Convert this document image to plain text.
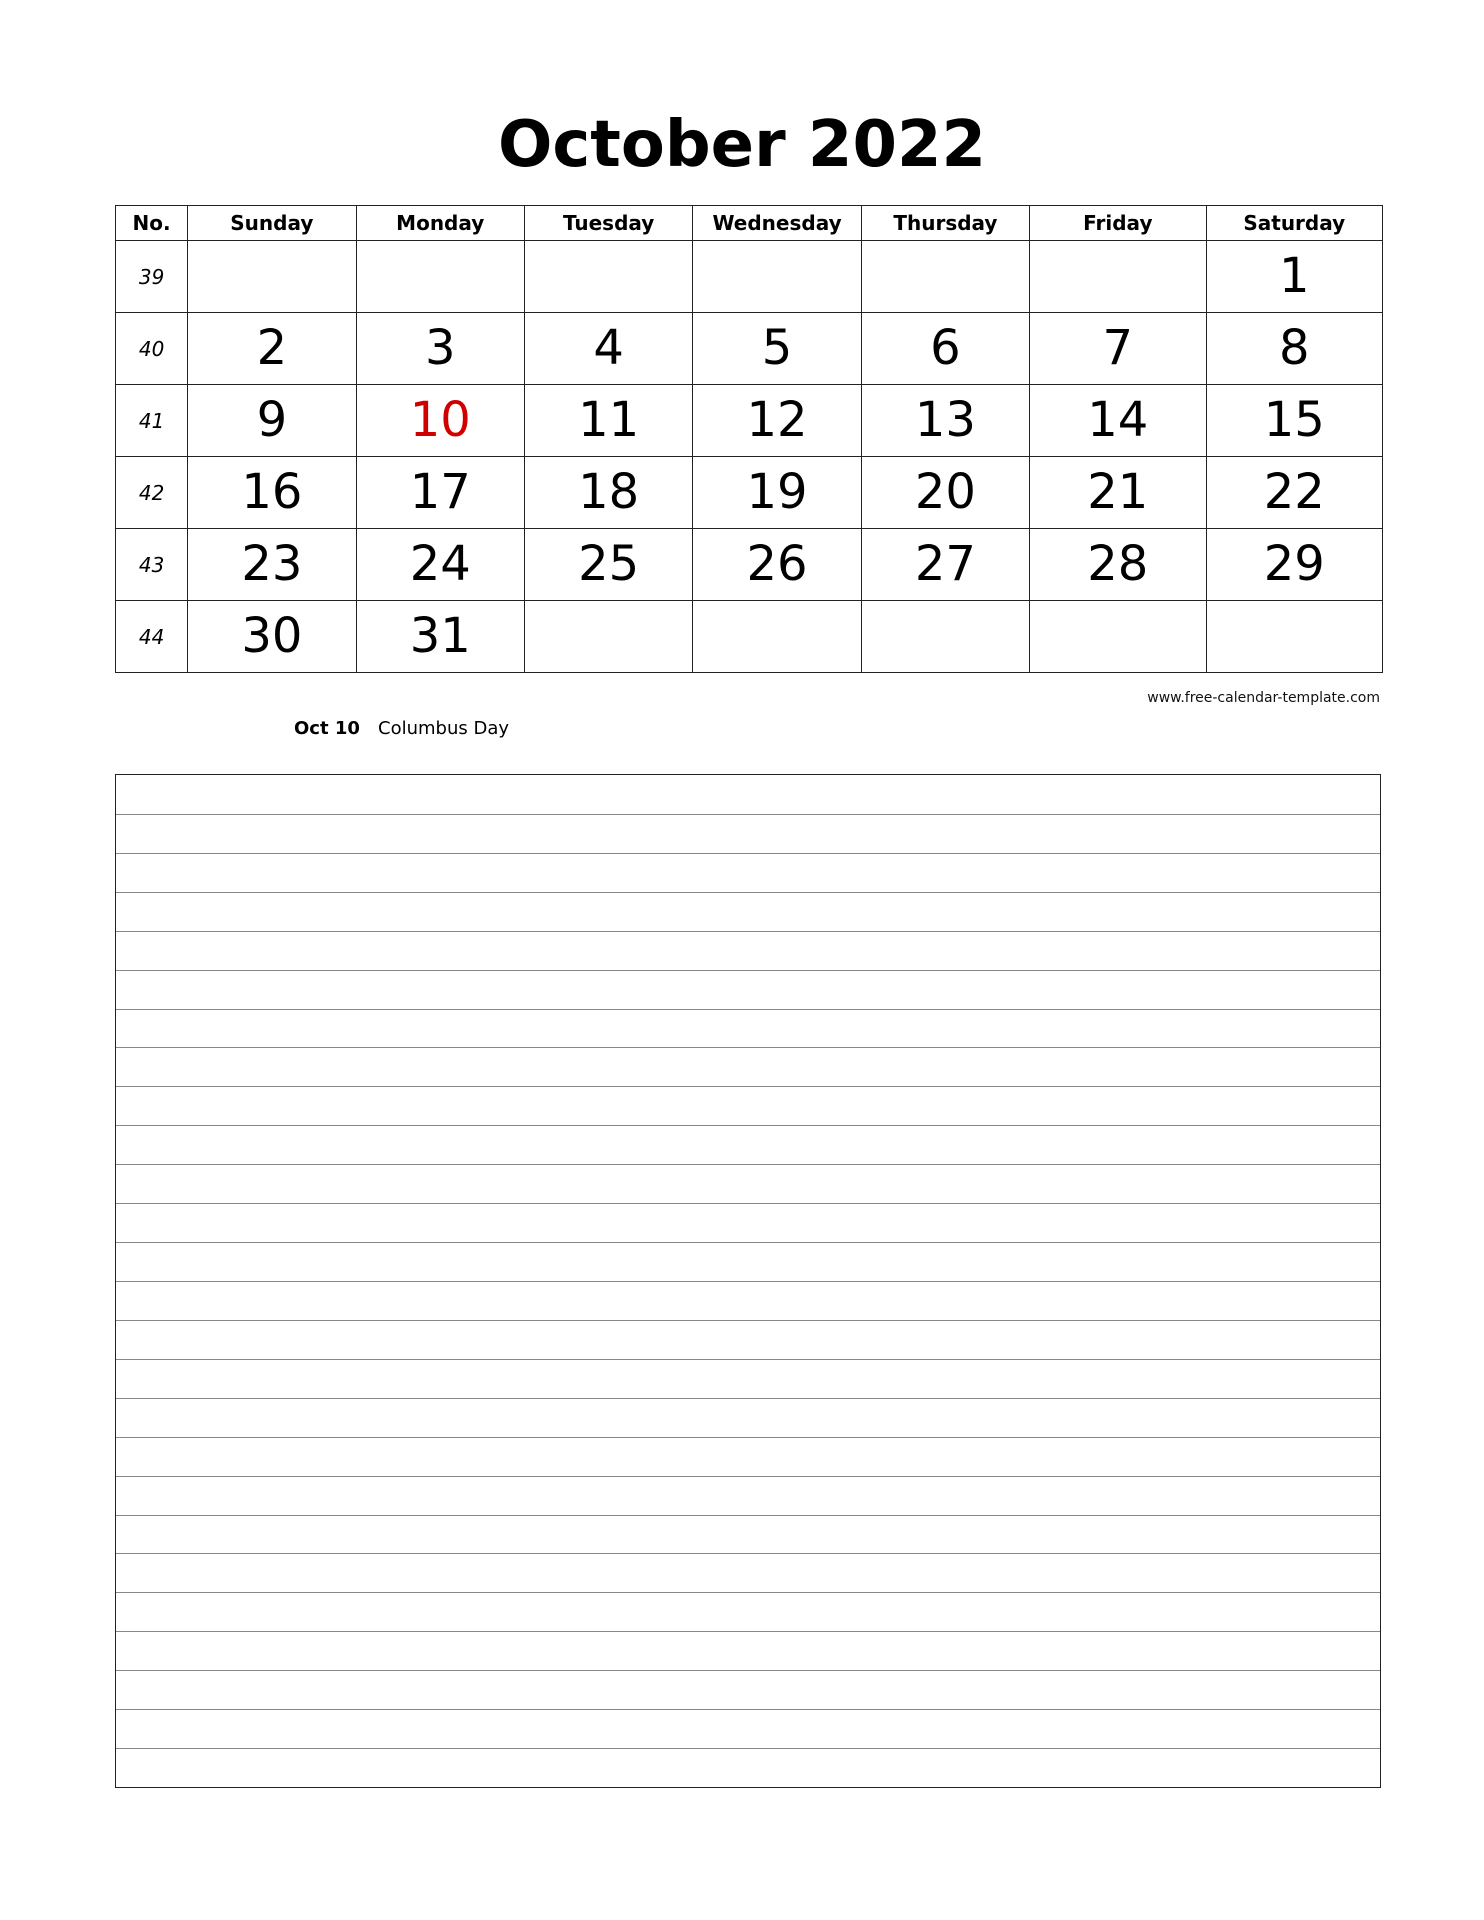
October 2022
No.	Sunday	Monday	Tuesday	Wednesday	Thursday	Friday	Saturday
39							1
40	2	3	4	5	6	7	8
41	9	10	11	12	13	14	15
42	16	17	18	19	20	21	22
43	23	24	25	26	27	28	29
44	30	31					
www.free-calendar-template.com
Oct 10 Columbus Day
